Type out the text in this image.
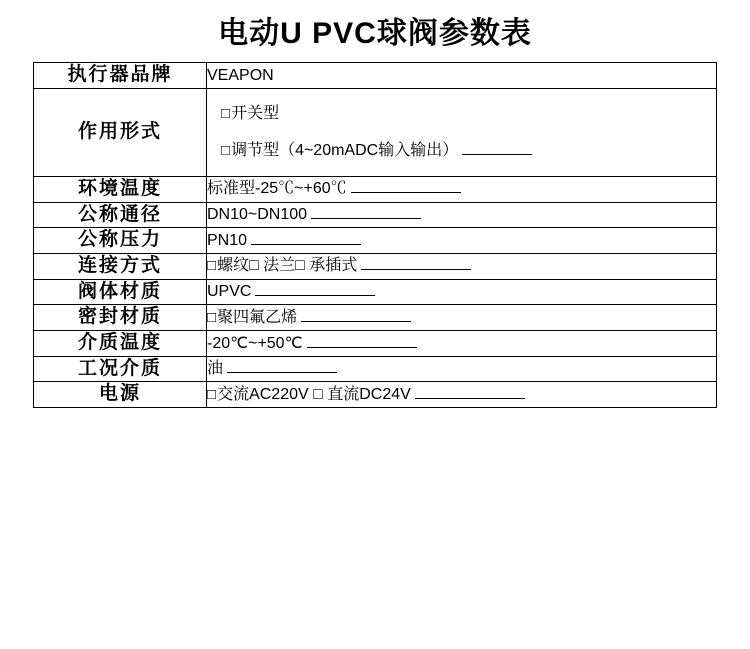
电动U PVC球阀参数表
执行器品牌	VEAPON

作用形式	□开关型
□调节型（4~20mADC输入输出）

环境温度	标准型-25℃~+60℃

公称通径	DN10~DN100

公称压力	PN10

连接方式	□螺纹□ 法兰□ 承插式

阀体材质	UPVC

密封材质	□聚四氟乙烯

介质温度	-20℃~+50℃

工况介质	油

电源	□交流AC220V □ 直流DC24V
